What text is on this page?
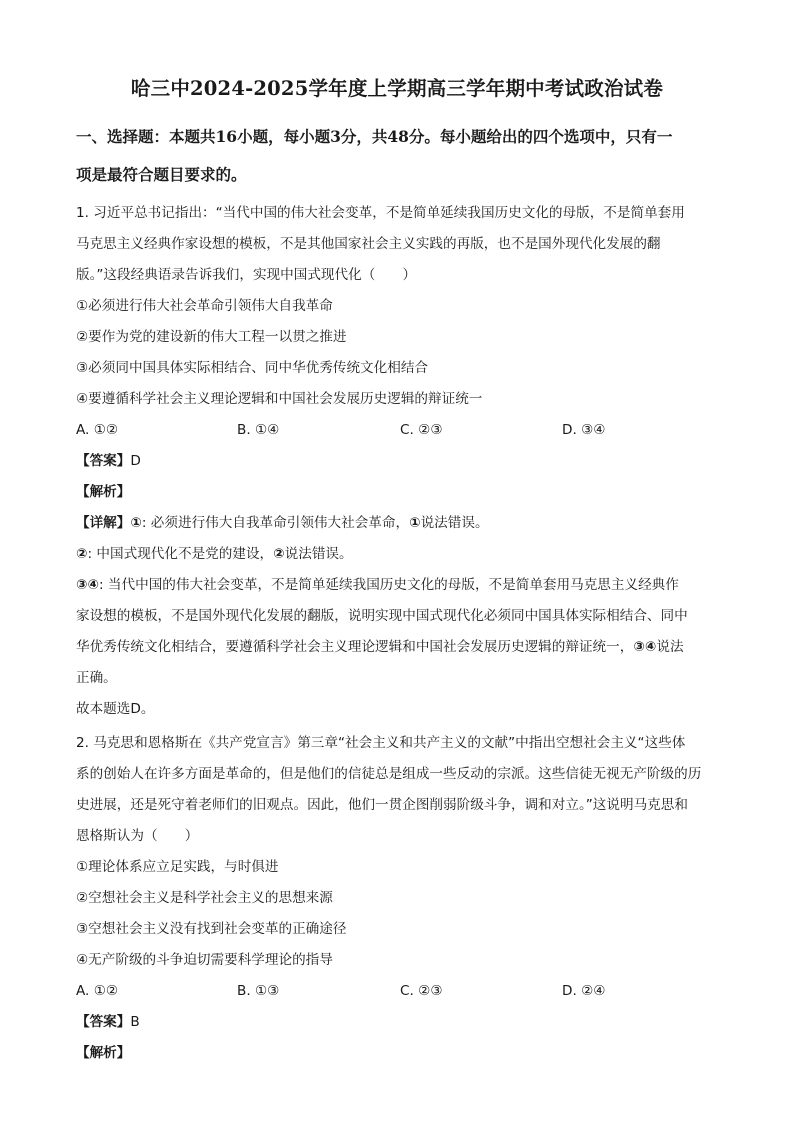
哈三中2024-2025学年度上学期高三学年期中考试政治试卷
一、选择题：本题共16小题，每小题3分，共48分。每小题给出的四个选项中，只有一
项是最符合题目要求的。
1. 习近平总书记指出：“当代中国的伟大社会变革，不是简单延续我国历史文化的母版，不是简单套用
马克思主义经典作家设想的模板，不是其他国家社会主义实践的再版，也不是国外现代化发展的翻
版。”这段经典语录告诉我们，实现中国式现代化（　　）
①必须进行伟大社会革命引领伟大自我革命
②要作为党的建设新的伟大工程一以贯之推进
③必须同中国具体实际相结合、同中华优秀传统文化相结合
④要遵循科学社会主义理论逻辑和中国社会发展历史逻辑的辩证统一
A. ①②	B. ①④	C. ②③	D. ③④
【答案】D
【解析】
【详解】①: 必须进行伟大自我革命引领伟大社会革命，①说法错误。
②: 中国式现代化不是党的建设，②说法错误。
③④: 当代中国的伟大社会变革，不是简单延续我国历史文化的母版，不是简单套用马克思主义经典作
家设想的模板，不是国外现代化发展的翻版，说明实现中国式现代化必须同中国具体实际相结合、同中
华优秀传统文化相结合，要遵循科学社会主义理论逻辑和中国社会发展历史逻辑的辩证统一，③④说法
正确。
故本题选D。
2. 马克思和恩格斯在《共产党宣言》第三章“社会主义和共产主义的文献”中指出空想社会主义“这些体
系的创始人在许多方面是革命的，但是他们的信徒总是组成一些反动的宗派。这些信徒无视无产阶级的历
史进展，还是死守着老师们的旧观点。因此，他们一贯企图削弱阶级斗争，调和对立。”这说明马克思和
恩格斯认为（　　）
①理论体系应立足实践，与时俱进
②空想社会主义是科学社会主义的思想来源
③空想社会主义没有找到社会变革的正确途径
④无产阶级的斗争迫切需要科学理论的指导
A. ①②	B. ①③	C. ②③	D. ②④
【答案】B
【解析】
